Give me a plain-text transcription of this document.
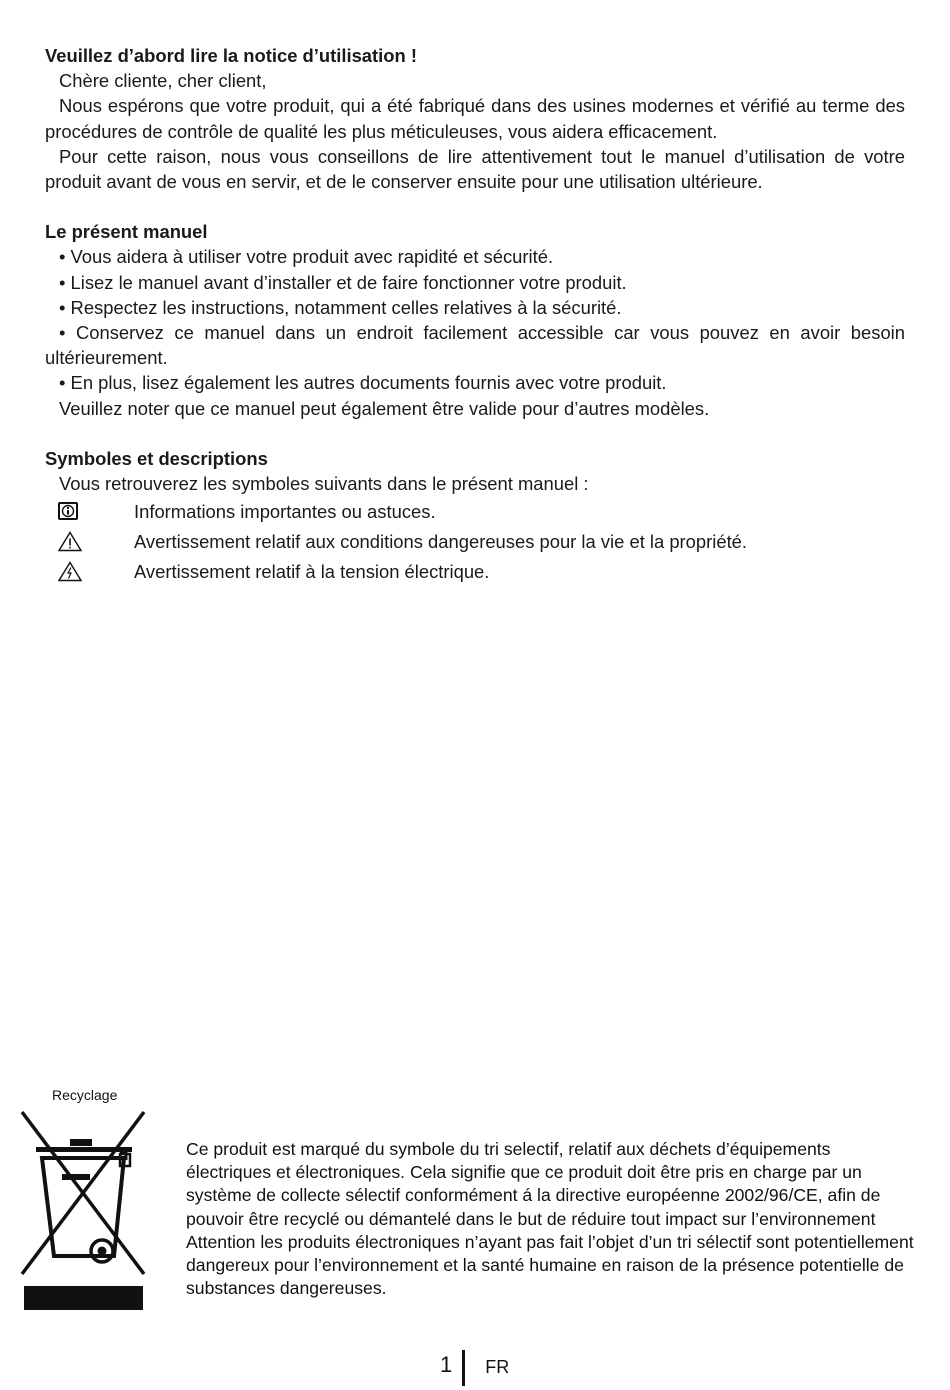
Veuillez d’abord lire la notice d’utilisation !

Chère cliente, cher client,

Nous espérons que votre produit, qui a été fabriqué dans des usines modernes et vérifié au terme des procédures de contrôle de qualité les plus méticuleuses, vous aidera efficacement.

Pour cette raison, nous vous conseillons de lire attentivement tout le manuel d’utilisation de votre produit avant de vous en servir, et de le conserver ensuite pour une utilisation ultérieure.

Le présent manuel

• Vous aidera à utiliser votre produit avec rapidité et sécurité.

• Lisez le manuel avant d’installer et de faire fonctionner votre produit.

• Respectez les instructions, notamment celles relatives à la sécurité.

• Conservez ce manuel dans un endroit facilement accessible car vous pouvez en avoir besoin ultérieurement.

• En plus, lisez également les autres documents fournis avec votre produit.

Veuillez noter que ce manuel peut également être valide pour d’autres modèles.

Symboles et descriptions

Vous retrouverez les symboles suivants dans le présent manuel :

Informations importantes ou astuces.
Avertissement relatif aux conditions dangereuses pour la vie et la propriété.
Avertissement relatif à la tension électrique.
Recyclage
Ce produit est marqué du symbole du tri selectif, relatif aux déchets d’équipements électriques et électroniques. Cela signifie que ce produit doit être pris en charge par un système de collecte sélectif conformément á la directive européenne 2002/96/CE, afin de pouvoir être recyclé ou démantelé dans le but de réduire tout impact sur l’environnement Attention les produits électroniques n’ayant pas fait l’objet d’un tri sélectif sont potentiellement dangereux pour l’environnement et la santé humaine en raison de la présence potentielle de substances dangereuses.
1 FR
